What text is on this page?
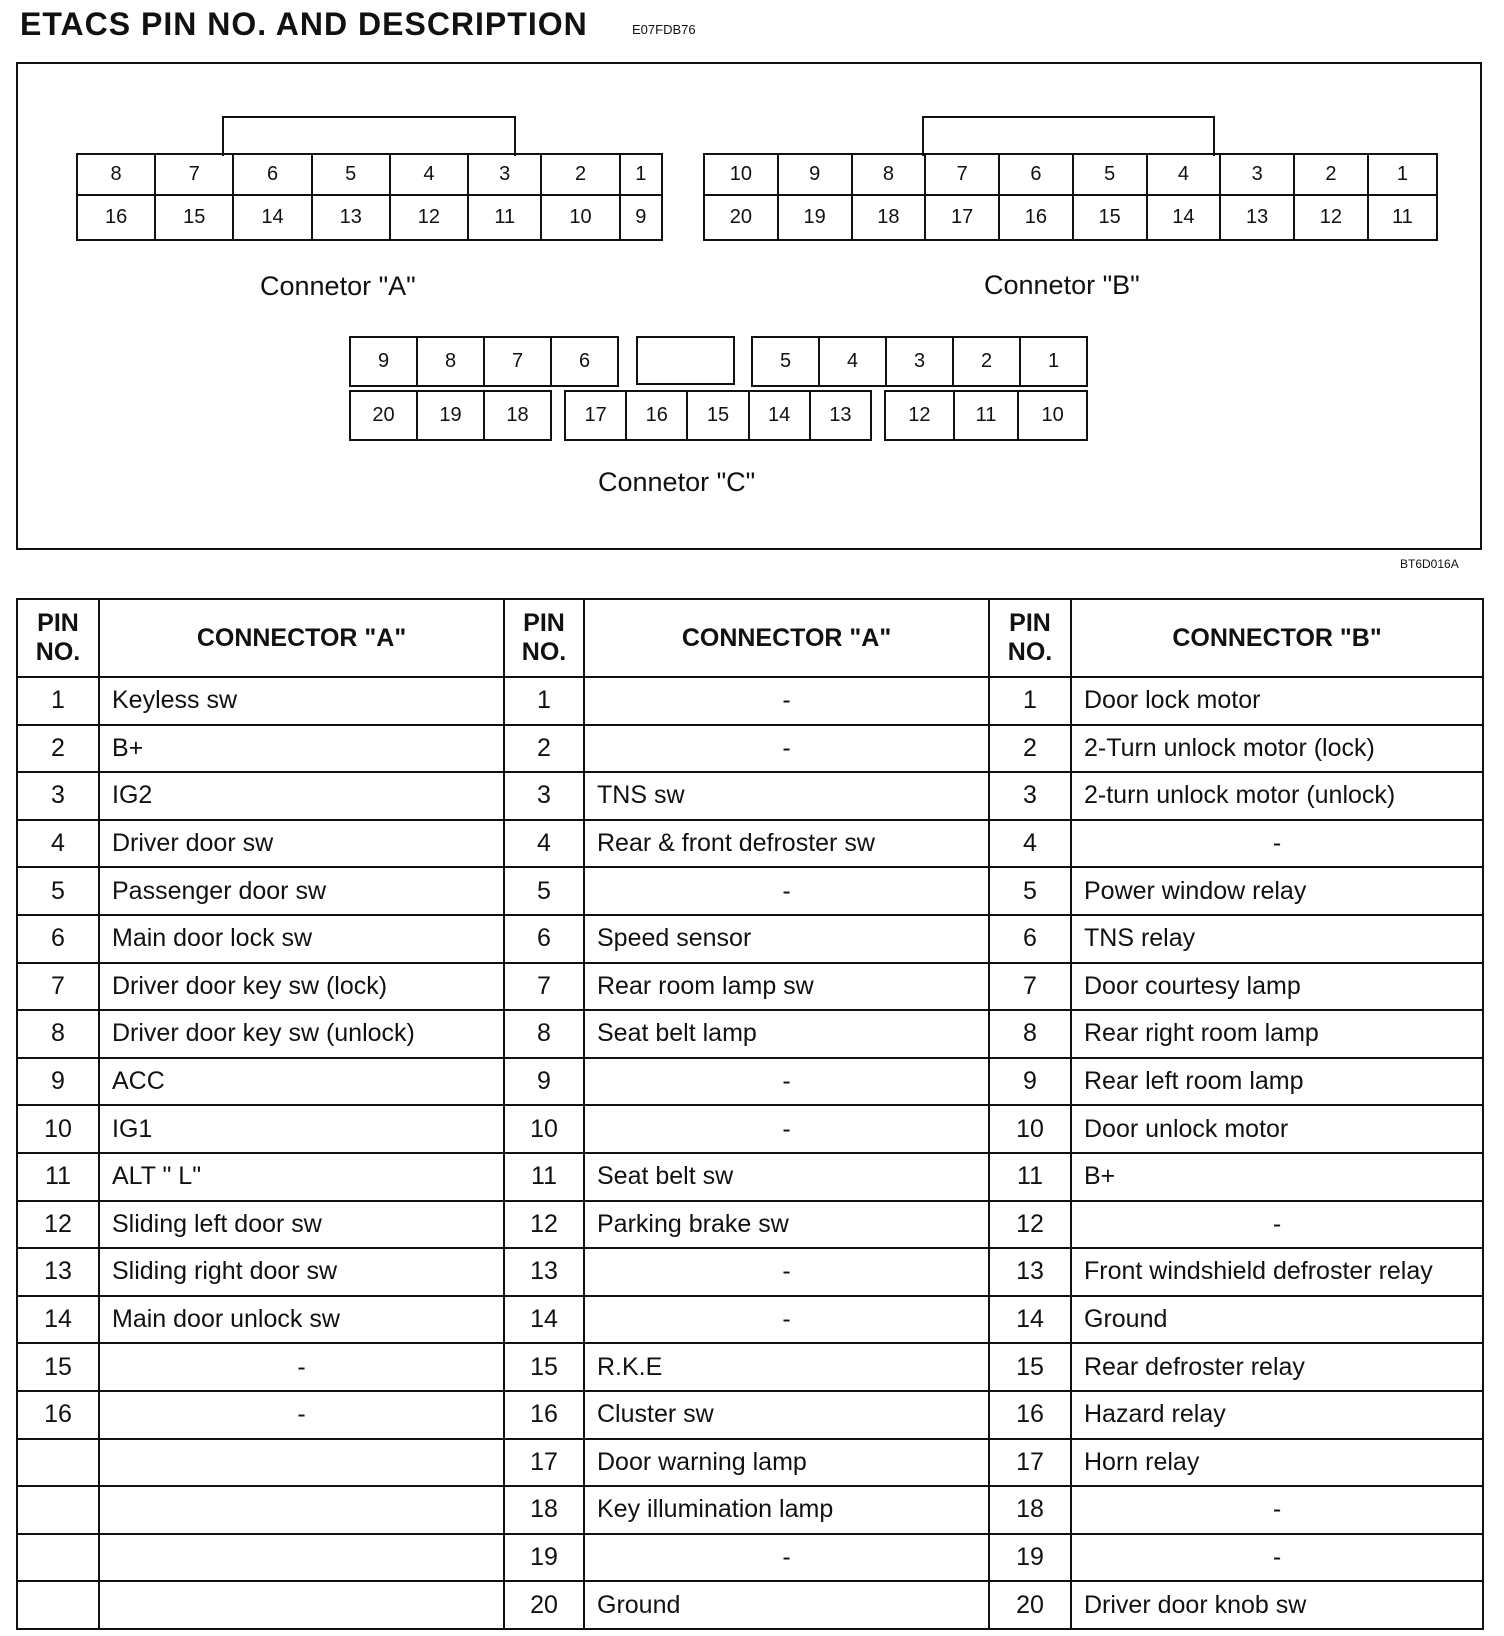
ETACS PIN NO. AND DESCRIPTION	E07FDB76
8	7	6	5	4	3	2	1
16	15	14	13	12	11	10	9
Connetor "A"
10	9	8	7	6	5	4	3	2	1
20	19	18	17	16	15	14	13	12	11
Connetor "B"
9	8	7	6	5	4	3	2	1
20	19	18	17	16	15	14	13	12	11	10
Connetor "C"
BT6D016A
PIN NO.	CONNECTOR "A"	PIN NO.	CONNECTOR "A"	PIN NO.	CONNECTOR "B"
1	Keyless sw	1	-	1	Door lock motor
2	B+	2	-	2	2-Turn unlock motor (lock)
3	IG2	3	TNS sw	3	2-turn unlock motor (unlock)
4	Driver door sw	4	Rear & front defroster sw	4	-
5	Passenger door sw	5	-	5	Power window relay
6	Main door lock sw	6	Speed sensor	6	TNS relay
7	Driver door key sw (lock)	7	Rear room lamp sw	7	Door courtesy lamp
8	Driver door key sw (unlock)	8	Seat belt lamp	8	Rear right room lamp
9	ACC	9	-	9	Rear left room lamp
10	IG1	10	-	10	Door unlock motor
11	ALT " L"	11	Seat belt sw	11	B+
12	Sliding left door sw	12	Parking brake sw	12	-
13	Sliding right door sw	13	-	13	Front windshield defroster relay
14	Main door unlock sw	14	-	14	Ground
15	-	15	R.K.E	15	Rear defroster relay
16	-	16	Cluster sw	16	Hazard relay
		17	Door warning lamp	17	Horn relay
		18	Key illumination lamp	18	-
		19	-	19	-
		20	Ground	20	Driver door knob sw
